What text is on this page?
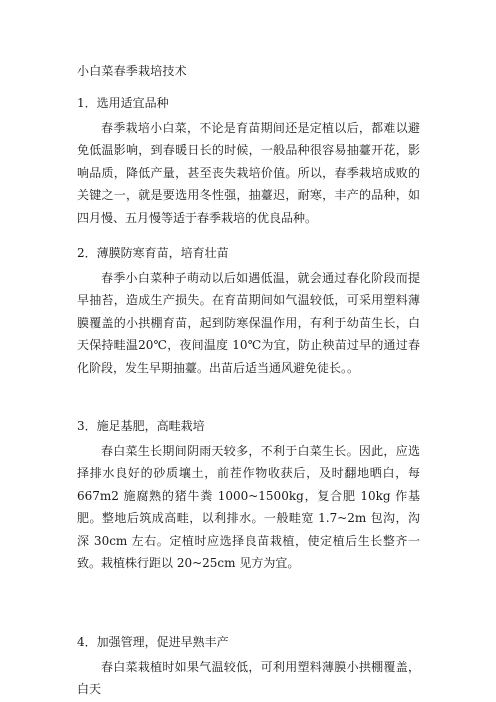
小白菜春季栽培技术
1．选用适宜品种

春季栽培小白菜，不论是育苗期间还是定植以后，都难以避免低温影响，到春暖日长的时候，一般品种很容易抽薹开花，影响品质，降低产量，甚至丧失栽培价值。所以，春季栽培成败的关键之一，就是要选用冬性强，抽薹迟，耐寒，丰产的品种，如四月慢、五月慢等适于春季栽培的优良品种。

2．薄膜防寒育苗，培育壮苗

春季小白菜种子萌动以后如遇低温，就会通过春化阶段而提早抽苔，造成生产损失。在育苗期间如气温较低，可采用塑料薄膜覆盖的小拱棚育苗，起到防寒保温作用，有利于幼苗生长，白天保持畦温20℃，夜间温度 10℃为宜，防止秧苗过早的通过春化阶段，发生早期抽薹。出苗后适当通风避免徒长。。

3．施足基肥，高畦栽培

春白菜生长期间阴雨天较多，不利于白菜生长。因此，应选择排水良好的砂质壤土，前茬作物收获后，及时翻地晒白，每 667m2 施腐熟的猪牛粪 1000~1500kg，复合肥 10kg 作基肥。整地后筑成高畦，以利排水。一般畦宽 1.7~2m 包沟，沟深 30cm 左右。定植时应选择良苗栽植，使定植后生长整齐一致。栽植株行距以 20~25cm 见方为宜。

4．加强管理，促进早熟丰产

春白菜栽植时如果气温较低，可利用塑料薄膜小拱棚覆盖，白天
